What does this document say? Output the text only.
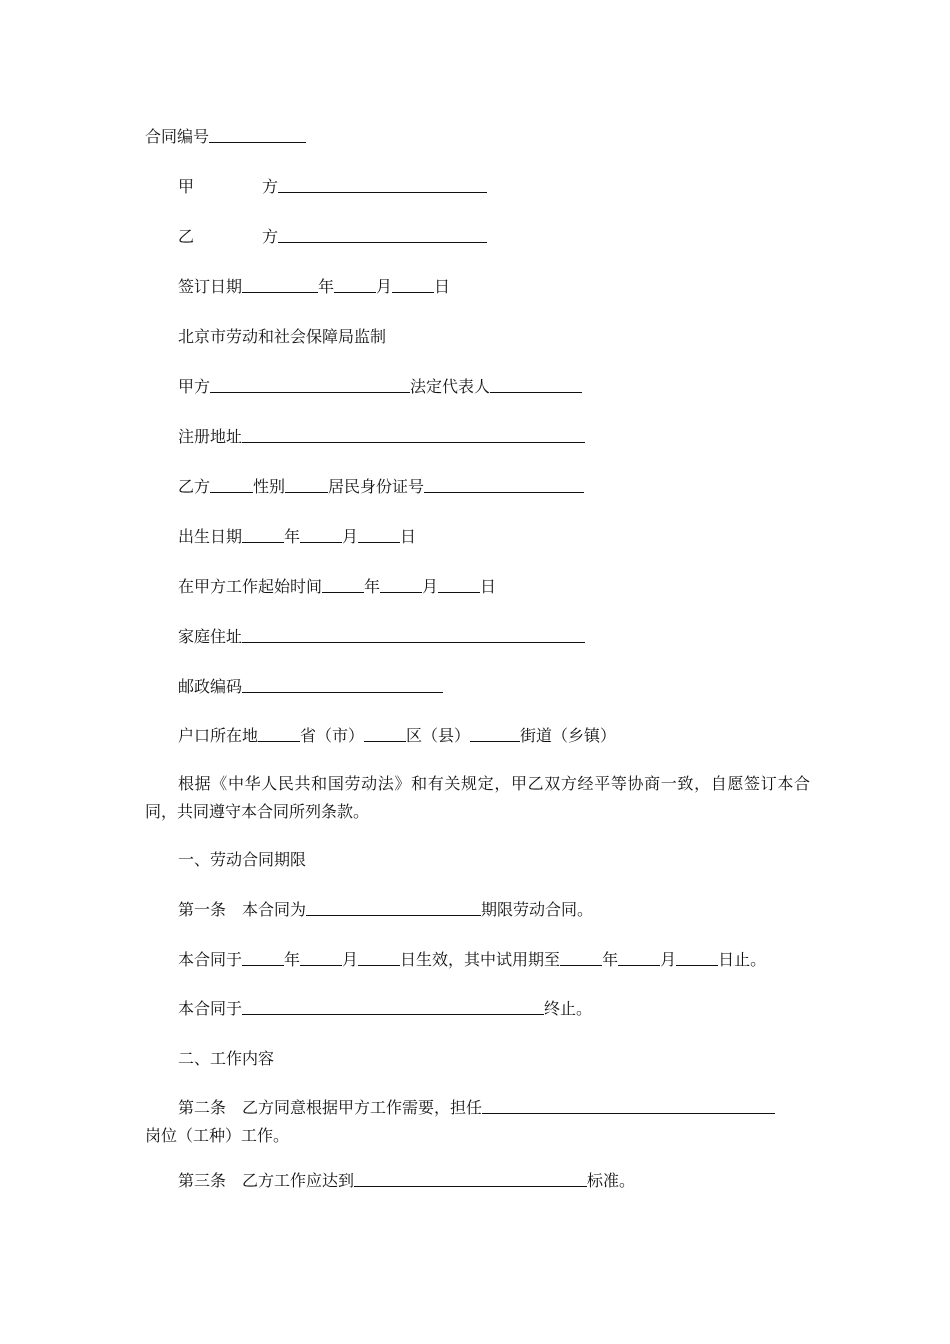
合同编号
甲	方
乙	方
签订日期	年	月	日
北京市劳动和社会保障局监制
甲方	法定代表人
注册地址
乙方	性别	居民身份证号
出生日期	年	月	日
在甲方工作起始时间	年	月	日
家庭住址
邮政编码
户口所在地	省（市）	区（县）	街道（乡镇）
根据《中华人民共和国劳动法》和有关规定，甲乙双方经平等协商一致，自愿签订本合同，共同遵守本合同所列条款。
一、劳动合同期限
第一条　本合同为	期限劳动合同。
本合同于	年	月	日生效，其中试用期至	年	月	日止。
本合同于	终止。
二、工作内容
第二条　乙方同意根据甲方工作需要，担任
岗位（工种）工作。
第三条　乙方工作应达到	标准。
